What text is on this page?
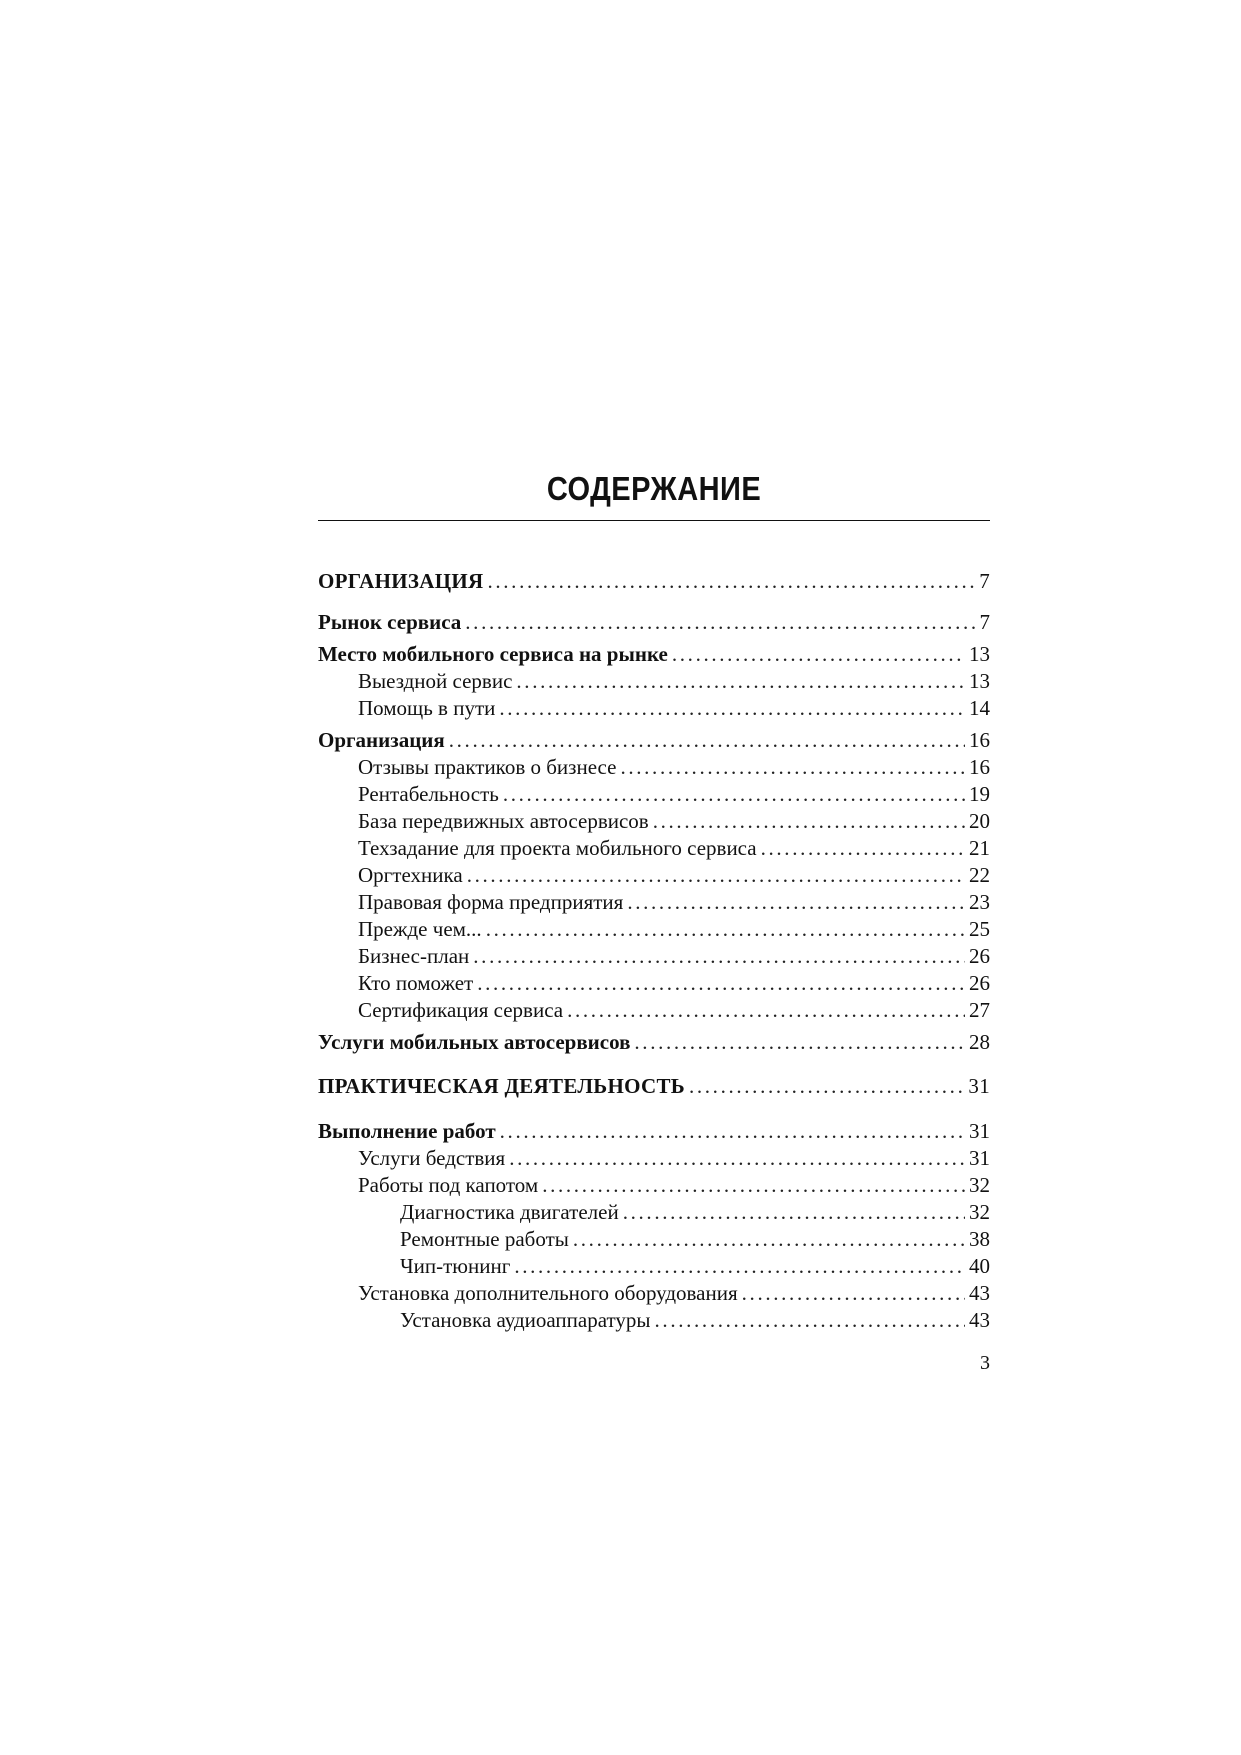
СОДЕРЖАНИЕ
ОРГАНИЗАЦИЯ . . .	7
Рынок сервиса . . .	7
Место мобильного сервиса на рынке . . .	13
Выездной сервис . . .	13
Помощь в пути . . .	14
Организация . . .	16
Отзывы практиков о бизнесе . . .	16
Рентабельность . . .	19
База передвижных автосервисов . . .	20
Техзадание для проекта мобильного сервиса . . .	21
Оргтехника . . .	22
Правовая форма предприятия . . .	23
Прежде чем... . . .	25
Бизнес-план . . .	26
Кто поможет . . .	26
Сертификация сервиса . . .	27
Услуги мобильных автосервисов . . .	28
ПРАКТИЧЕСКАЯ ДЕЯТЕЛЬНОСТЬ . . .	31
Выполнение работ . . .	31
Услуги бедствия . . .	31
Работы под капотом . . .	32
Диагностика двигателей . . .	32
Ремонтные работы . . .	38
Чип-тюнинг . . .	40
Установка дополнительного оборудования . . .	43
Установка аудиоаппаратуры . . .	43
3
